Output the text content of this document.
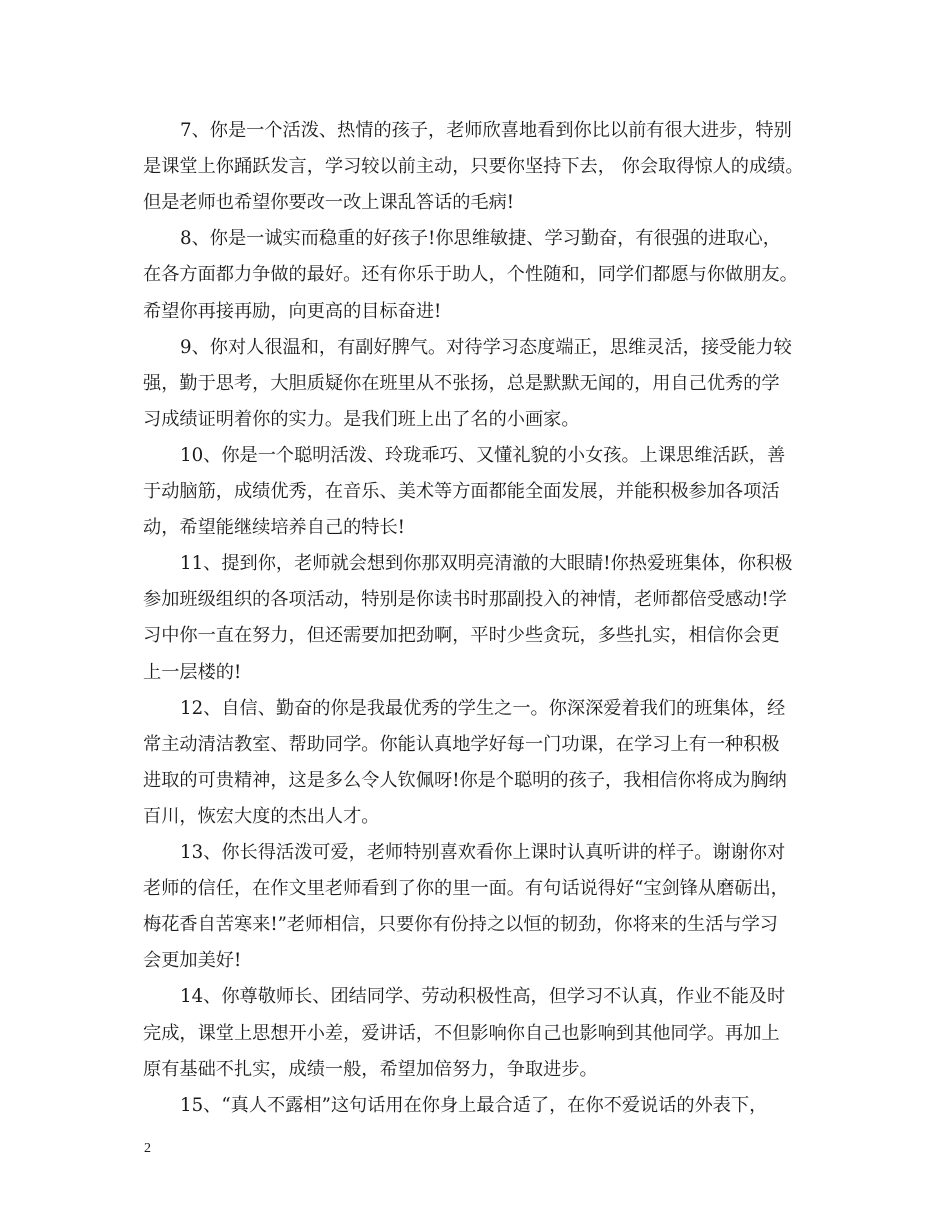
7、你是一个活泼、热情的孩子，老师欣喜地看到你比以前有很大进步，特别
是课堂上你踊跃发言，学习较以前主动，只要你坚持下去， 你会取得惊人的成绩。
但是老师也希望你要改一改上课乱答话的毛病!
8、你是一诚实而稳重的好孩子!你思维敏捷、学习勤奋，有很强的进取心，
在各方面都力争做的最好。还有你乐于助人，个性随和，同学们都愿与你做朋友。
希望你再接再励，向更高的目标奋进!
9、你对人很温和，有副好脾气。对待学习态度端正，思维灵活，接受能力较
强，勤于思考，大胆质疑你在班里从不张扬，总是默默无闻的，用自己优秀的学
习成绩证明着你的实力。是我们班上出了名的小画家。
10、你是一个聪明活泼、玲珑乖巧、又懂礼貌的小女孩。上课思维活跃，善
于动脑筋，成绩优秀，在音乐、美术等方面都能全面发展，并能积极参加各项活
动，希望能继续培养自己的特长!
11、提到你，老师就会想到你那双明亮清澈的大眼睛!你热爱班集体，你积极
参加班级组织的各项活动，特别是你读书时那副投入的神情，老师都倍受感动!学
习中你一直在努力，但还需要加把劲啊，平时少些贪玩，多些扎实，相信你会更
上一层楼的!
12、自信、勤奋的你是我最优秀的学生之一。你深深爱着我们的班集体，经
常主动清洁教室、帮助同学。你能认真地学好每一门功课，在学习上有一种积极
进取的可贵精神，这是多么令人钦佩呀!你是个聪明的孩子，我相信你将成为胸纳
百川，恢宏大度的杰出人才。
13、你长得活泼可爱，老师特别喜欢看你上课时认真听讲的样子。谢谢你对
老师的信任，在作文里老师看到了你的里一面。有句话说得好“宝剑锋从磨砺出，
梅花香自苦寒来!”老师相信，只要你有份持之以恒的韧劲，你将来的生活与学习
会更加美好!
14、你尊敬师长、团结同学、劳动积极性高，但学习不认真，作业不能及时
完成，课堂上思想开小差，爱讲话，不但影响你自己也影响到其他同学。再加上
原有基础不扎实，成绩一般，希望加倍努力，争取进步。
15、“真人不露相”这句话用在你身上最合适了，在你不爱说话的外表下，
2
